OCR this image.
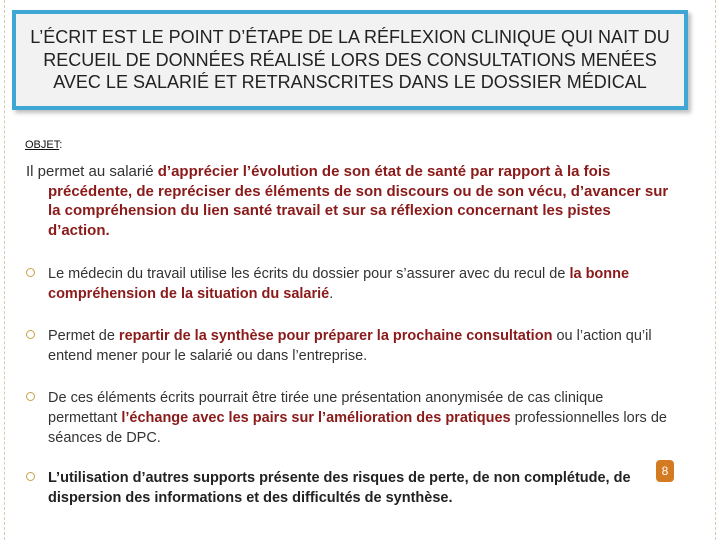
L’ÉCRIT EST LE POINT D’ÉTAPE DE LA RÉFLEXION CLINIQUE QUI NAIT DU RECUEIL DE DONNÉES RÉALISÉ LORS DES CONSULTATIONS MENÉES AVEC LE SALARIÉ ET RETRANSCRITES DANS LE DOSSIER MÉDICAL
OBJET:

Il permet au salarié d’apprécier l’évolution de son état de santé par rapport à la fois précédente, de repréciser des éléments de son discours ou de son vécu, d’avancer sur la compréhension du lien santé travail et sur sa réflexion concernant les pistes d’action.

Le médecin du travail utilise les écrits du dossier pour s’assurer avec du recul de la bonne compréhension de la situation du salarié.
Permet de repartir de la synthèse pour préparer la prochaine consultation ou l’action qu’il entend mener pour le salarié ou dans l’entreprise.
De ces éléments écrits pourrait être tirée une présentation anonymisée de cas clinique permettant l’échange avec les pairs sur l’amélioration des pratiques professionnelles lors de séances de DPC.
L’utilisation d’autres supports présente des risques de perte, de non complétude, de dispersion des informations et des difficultés de synthèse.
8
